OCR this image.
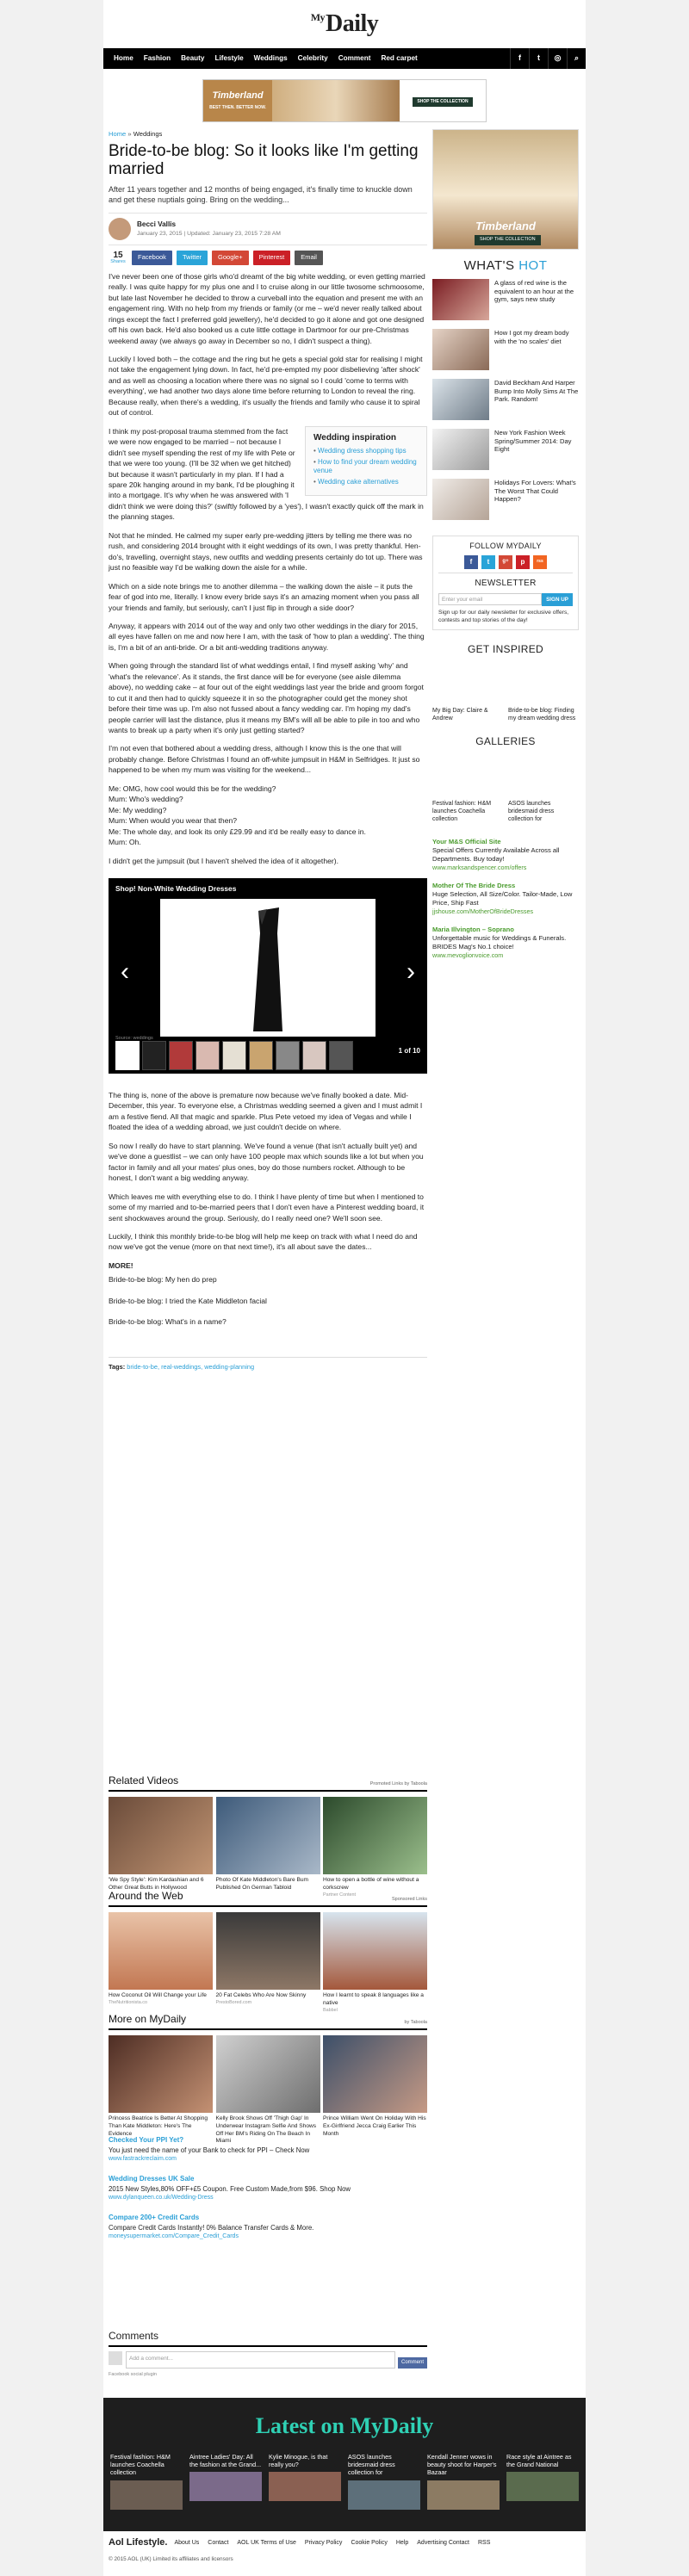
MyDaily
Home	Fashion	Beauty	Lifestyle	Weddings	Celebrity	Comment	Red carpet	f	t	◎	⌕
Timberland
BEST THEN. BETTER NOW.
SHOP THE COLLECTION
Home » Weddings
Bride-to-be blog: So it looks like I'm getting married
After 11 years together and 12 months of being engaged, it's finally time to knuckle down and get these nuptials going. Bring on the wedding...
Becci Vallis
January 23, 2015 | Updated: January 23, 2015 7:28 AM
15
Shares
Facebook	Twitter	Google+	Pinterest	Email

I've never been one of those girls who'd dreamt of the big white wedding, or even getting married really. I was quite happy for my plus one and I to cruise along in our little twosome schmoosome, but late last November he decided to throw a curveball into the equation and present me with an engagement ring. With no help from my friends or family (or me – we'd never really talked about rings except the fact I preferred gold jewellery), he'd decided to go it alone and got one designed off his own back. He'd also booked us a cute little cottage in Dartmoor for our pre-Christmas weekend away (we always go away in December so no, I didn't suspect a thing).

Luckily I loved both – the cottage and the ring but he gets a special gold star for realising I might not take the engagement lying down. In fact, he'd pre-empted my poor disbelieving 'after shock' and as well as choosing a location where there was no signal so I could 'come to terms with everything', we had another two days alone time before returning to London to reveal the ring. Because really, when there's a wedding, it's usually the friends and family who cause it to spiral out of control.

Wedding inspiration
• Wedding dress shopping tips
• How to find your dream wedding venue
• Wedding cake alternatives

I think my post-proposal trauma stemmed from the fact we were now engaged to be married – not because I didn't see myself spending the rest of my life with Pete or that we were too young. (I'll be 32 when we get hitched) but because it wasn't particularly in my plan. If I had a spare 20k hanging around in my bank, I'd be ploughing it into a mortgage. It's why when he was answered with 'I didn't think we were doing this?' (swiftly followed by a 'yes'), I wasn't exactly quick off the mark in the planning stages.

Not that he minded. He calmed my super early pre-wedding jitters by telling me there was no rush, and considering 2014 brought with it eight weddings of its own, I was pretty thankful. Hen-do's, travelling, overnight stays, new outfits and wedding presents certainly do tot up. There was just no feasible way I'd be walking down the aisle for a while.

Which on a side note brings me to another dilemma – the walking down the aisle – it puts the fear of god into me, literally. I know every bride says it's an amazing moment when you pass all your friends and family, but seriously, can't I just flip in through a side door?

Anyway, it appears with 2014 out of the way and only two other weddings in the diary for 2015, all eyes have fallen on me and now here I am, with the task of 'how to plan a wedding'. The thing is, I'm a bit of an anti-bride. Or a bit anti-wedding traditions anyway.

When going through the standard list of what weddings entail, I find myself asking 'why' and 'what's the relevance'. As it stands, the first dance will be for everyone (see aisle dilemma above), no wedding cake – at four out of the eight weddings last year the bride and groom forgot to cut it and then had to quickly squeeze it in so the photographer could get the money shot before their time was up. I'm also not fussed about a fancy wedding car. I'm hoping my dad's people carrier will last the distance, plus it means my BM's will all be able to pile in too and who wants to break up a party when it's only just getting started?

I'm not even that bothered about a wedding dress, although I know this is the one that will probably change. Before Christmas I found an off-white jumpsuit in H&M in Selfridges. It just so happened to be when my mum was visiting for the weekend...

Me: OMG, how cool would this be for the wedding?
Mum: Who's wedding?
Me: My wedding?
Mum: When would you wear that then?
Me: The whole day, and look its only £29.99 and it'd be really easy to dance in.
Mum: Oh.

I didn't get the jumpsuit (but I haven't shelved the idea of it altogether).

Shop! Non-White Wedding Dresses
‹	›
Source: weddings
1 of 10

The thing is, none of the above is premature now because we've finally booked a date. Mid-December, this year. To everyone else, a Christmas wedding seemed a given and I must admit I am a festive fiend. All that magic and sparkle. Plus Pete vetoed my idea of Vegas and while I floated the idea of a wedding abroad, we just couldn't decide on where.

So now I really do have to start planning. We've found a venue (that isn't actually built yet) and we've done a guestlist – we can only have 100 people max which sounds like a lot but when you factor in family and all your mates' plus ones, boy do those numbers rocket. Although to be honest, I don't want a big wedding anyway.

Which leaves me with everything else to do. I think I have plenty of time but when I mentioned to some of my married and to-be-married peers that I don't even have a Pinterest wedding board, it sent shockwaves around the group. Seriously, do I really need one? We'll soon see.

Luckily, I think this monthly bride-to-be blog will help me keep on track with what I need do and now we've got the venue (more on that next time!), it's all about save the dates...

MORE!

Bride-to-be blog: My hen do prep

Bride-to-be blog: I tried the Kate Middleton facial

Bride-to-be blog: What's in a name?

Tags: bride-to-be, real-weddings, wedding-planning
Related Videos	Promoted Links by Taboola
'We Spy Style': Kim Kardashian and 6 Other Great Butts in Hollywood
Photo Of Kate Middleton's Bare Bum Published On German Tabloid
How to open a bottle of wine without a corkscrew
Partner Content
Around the Web	Sponsored Links
How Coconut Oil Will Change your Life
TheNutritionista.co
20 Fat Celebs Who Are Now Skinny
PrestoBored.com
How I learnt to speak 8 languages like a native
Babbel
More on MyDaily	by Taboola
Princess Beatrice Is Better At Shopping Than Kate Middleton: Here's The Evidence
Kelly Brook Shows Off 'Thigh Gap' In Underwear Instagram Selfie And Shows Off Her BM's Riding On The Beach In Miami
Prince William Went On Holiday With His Ex-Girlfriend Jecca Craig Earlier This Month
Checked Your PPI Yet?
You just need the name of your Bank to check for PPI – Check Now
www.fastrackreclaim.com
Wedding Dresses UK Sale
2015 New Styles,80% OFF+£5 Coupon. Free Custom Made,from $96. Shop Now
www.dylanqueen.co.uk/Wedding-Dress
Compare 200+ Credit Cards
Compare Credit Cards Instantly! 0% Balance Transfer Cards & More.
moneysupermarket.com/Compare_Credit_Cards
Comments
Add a comment...
Comment
Facebook social plugin
Timberland
SHOP THE COLLECTION
WHAT'S HOT
A glass of red wine is the equivalent to an hour at the gym, says new study
How I got my dream body with the 'no scales' diet
David Beckham And Harper Bump Into Molly Sims At The Park. Random!
New York Fashion Week Spring/Summer 2014: Day Eight
Holidays For Lovers: What's The Worst That Could Happen?
FOLLOW MYDAILY
f	t	g+	p	rss
NEWSLETTER
Enter your email	SIGN UP
Sign up for our daily newsletter for exclusive offers, contests and top stories of the day!
GET INSPIRED
My Big Day: Claire & Andrew
Bride-to-be blog: Finding my dream wedding dress
GALLERIES
Festival fashion: H&M launches Coachella collection
ASOS launches bridesmaid dress collection for
Your M&S Official Site
Special Offers Currently Available Across all Departments. Buy today!
www.marksandspencer.com/offers
Mother Of The Bride Dress
Huge Selection, All Size/Color. Tailor-Made, Low Price, Ship Fast
jjshouse.com/MotherOfBrideDresses
Maria Illvington – Soprano
Unforgettable music for Weddings & Funerals. BRIDES Mag's No.1 choice!
www.mevoglionvoice.com
Latest on MyDaily
Festival fashion: H&M launches Coachella collection
Aintree Ladies' Day: All the fashion at the Grand...
Kylie Minogue, is that really you?
ASOS launches bridesmaid dress collection for
Kendall Jenner wows in beauty shoot for Harper's Bazaar
Race style at Aintree as the Grand National
Aol Lifestyle. About Us Contact AOL UK Terms of Use Privacy Policy Cookie Policy Help Advertising Contact RSS
© 2015 AOL (UK) Limited its affiliates and licensors
